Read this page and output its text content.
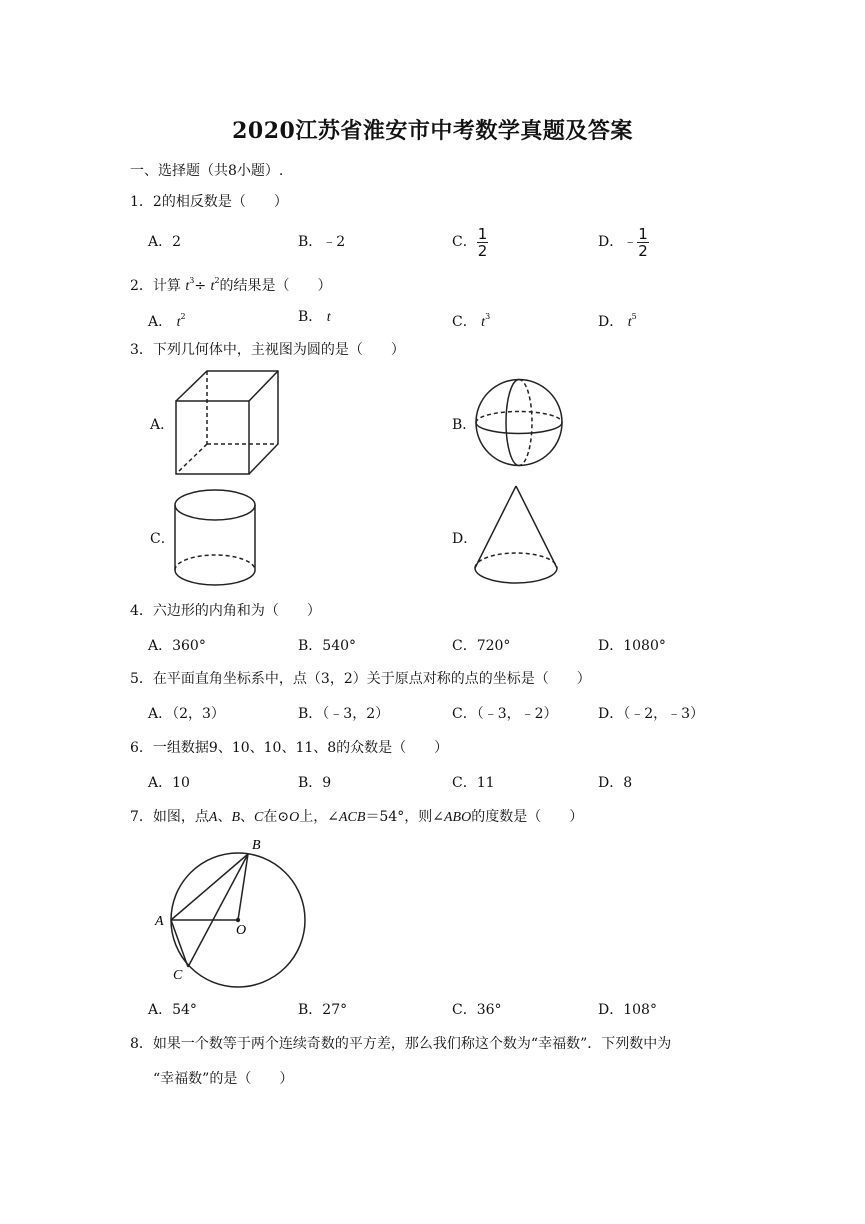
2020江苏省淮安市中考数学真题及答案
一、选择题（共8小题）.
1．2的相反数是（　　）
A．2	B．﹣2	C． $\frac{1}{2}$	D．﹣ $\frac{1}{2}$
2．计算 $t^3\div t^2$的结果是（　　）
A． $t^2$	B． t	C． $t^3$	D． $t^5$
3．下列几何体中，主视图为圆的是（　　）
A．	B．
C．	D．
4．六边形的内角和为（　　）
A．360°	B．540°	C．720°	D．1080°
5．在平面直角坐标系中，点（3，2）关于原点对称的点的坐标是（　　）
A．（2，3）	B．（﹣3，2）	C．（﹣3，﹣2）	D．（﹣2，﹣3）
6．一组数据9、10、10、11、8的众数是（　　）
A．10	B．9	C．11	D．8
7．如图，点A、B、C在⊙O上，∠ACB＝54°，则∠ABO的度数是（　　）
B
A
O
C
A．54°	B．27°	C．36°	D．108°
8．如果一个数等于两个连续奇数的平方差，那么我们称这个数为“幸福数”．下列数中为
“幸福数”的是（　　）
